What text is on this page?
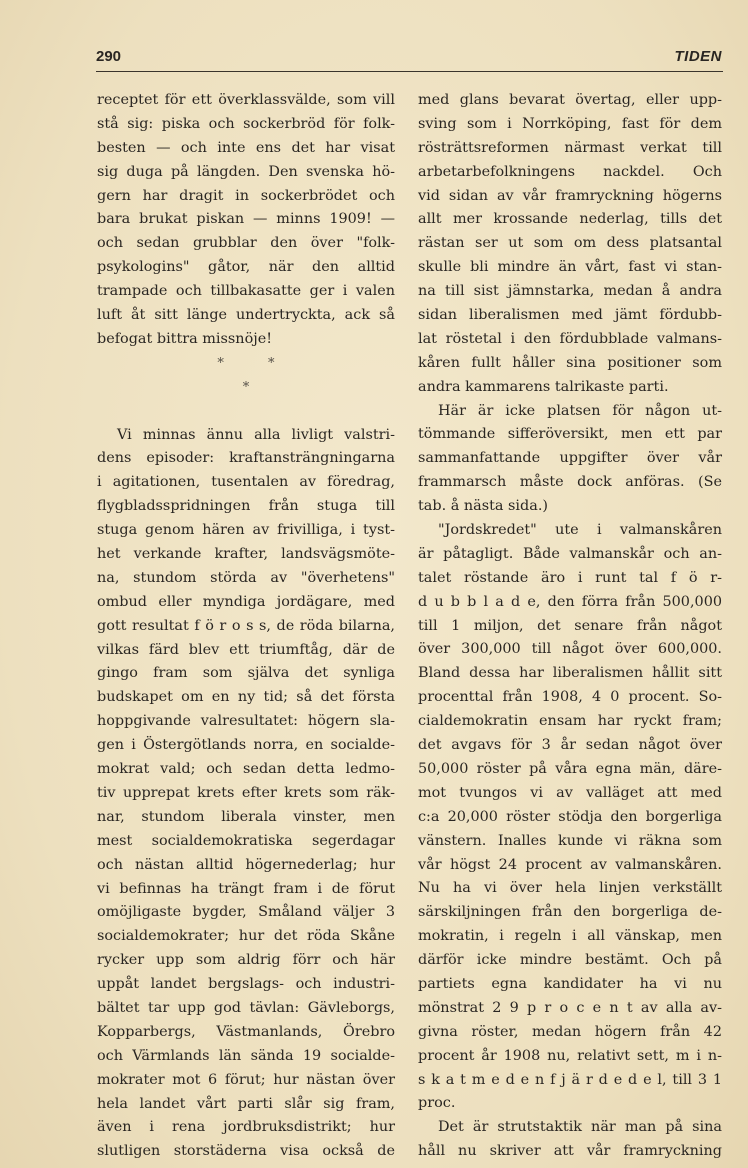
290	TIDEN
receptet för ett överklassvälde, som vill
stå sig: piska och sockerbröd för folk-
besten — och inte ens det har visat
sig duga på längden. Den svenska hö-
gern har dragit in sockerbrödet och
bara brukat piskan — minns 1909! —
och sedan grubblar den över "folk-
psykologins" gåtor, när den alltid
trampade och tillbakasatte ger i valen
luft åt sitt länge undertryckta, ack så
befogat bittra missnöje!
* *
*
Vi minnas ännu alla livligt valstri-
dens episoder: kraftansträngningarna
i agitationen, tusentalen av föredrag,
flygbladsspridningen från stuga till
stuga genom hären av frivilliga, i tyst-
het verkande krafter, landsvägsmöte-
na, stundom störda av "överhetens"
ombud eller myndiga jordägare, med
gott resultat f ö r o s s, de röda bilarna,
vilkas färd blev ett triumftåg, där de
gingo fram som själva det synliga
budskapet om en ny tid; så det första
hoppgivande valresultatet: högern sla-
gen i Östergötlands norra, en socialde-
mokrat vald; och sedan detta ledmo-
tiv upprepat krets efter krets som räk-
nar, stundom liberala vinster, men
mest socialdemokratiska segerdagar
och nästan alltid högernederlag; hur
vi befinnas ha trängt fram i de förut
omöjligaste bygder, Småland väljer 3
socialdemokrater; hur det röda Skåne
rycker upp som aldrig förr och här
uppåt landet bergslags- och industri-
bältet tar upp god tävlan: Gävleborgs,
Kopparbergs, Västmanlands, Örebro
och Värmlands län sända 19 socialde-
mokrater mot 6 förut; hur nästan över
hela landet vårt parti slår sig fram,
även i rena jordbruksdistrikt; hur
slutligen storstäderna visa också de
med glans bevarat övertag, eller upp-
sving som i Norrköping, fast för dem
rösträttsreformen närmast verkat till
arbetarbefolkningens nackdel. Och
vid sidan av vår framryckning högerns
allt mer krossande nederlag, tills det
rästan ser ut som om dess platsantal
skulle bli mindre än vårt, fast vi stan-
na till sist jämnstarka, medan å andra
sidan liberalismen med jämt fördubb-
lat röstetal i den fördubblade valmans-
kåren fullt håller sina positioner som
andra kammarens talrikaste parti.
Här är icke platsen för någon ut-
tömmande sifferöversikt, men ett par
sammanfattande uppgifter över vår
frammarsch måste dock anföras. (Se
tab. å nästa sida.)
"Jordskredet" ute i valmanskåren
är påtagligt. Både valmanskår och an-
talet röstande äro i runt tal f ö r-
d u b b l a d e, den förra från 500,000
till 1 miljon, det senare från något
över 300,000 till något över 600,000.
Bland dessa har liberalismen hållit sitt
procenttal från 1908, 4 0 procent. So-
cialdemokratin ensam har ryckt fram;
det avgavs för 3 år sedan något över
50,000 röster på våra egna män, däre-
mot tvungos vi av valläget att med
c:a 20,000 röster stödja den borgerliga
vänstern. Inalles kunde vi räkna som
vår högst 24 procent av valmanskåren.
Nu ha vi över hela linjen verkställt
särskiljningen från den borgerliga de-
mokratin, i regeln i all vänskap, men
därför icke mindre bestämt. Och på
partiets egna kandidater ha vi nu
mönstrat 2 9 p r o c e n t av alla av-
givna röster, medan högern från 42
procent år 1908 nu, relativt sett, m i n-
s k a t m e d e n f j ä r d e d e l, till 3 1
proc.
Det är strutstaktik när man på sina
håll nu skriver att vår framryckning
